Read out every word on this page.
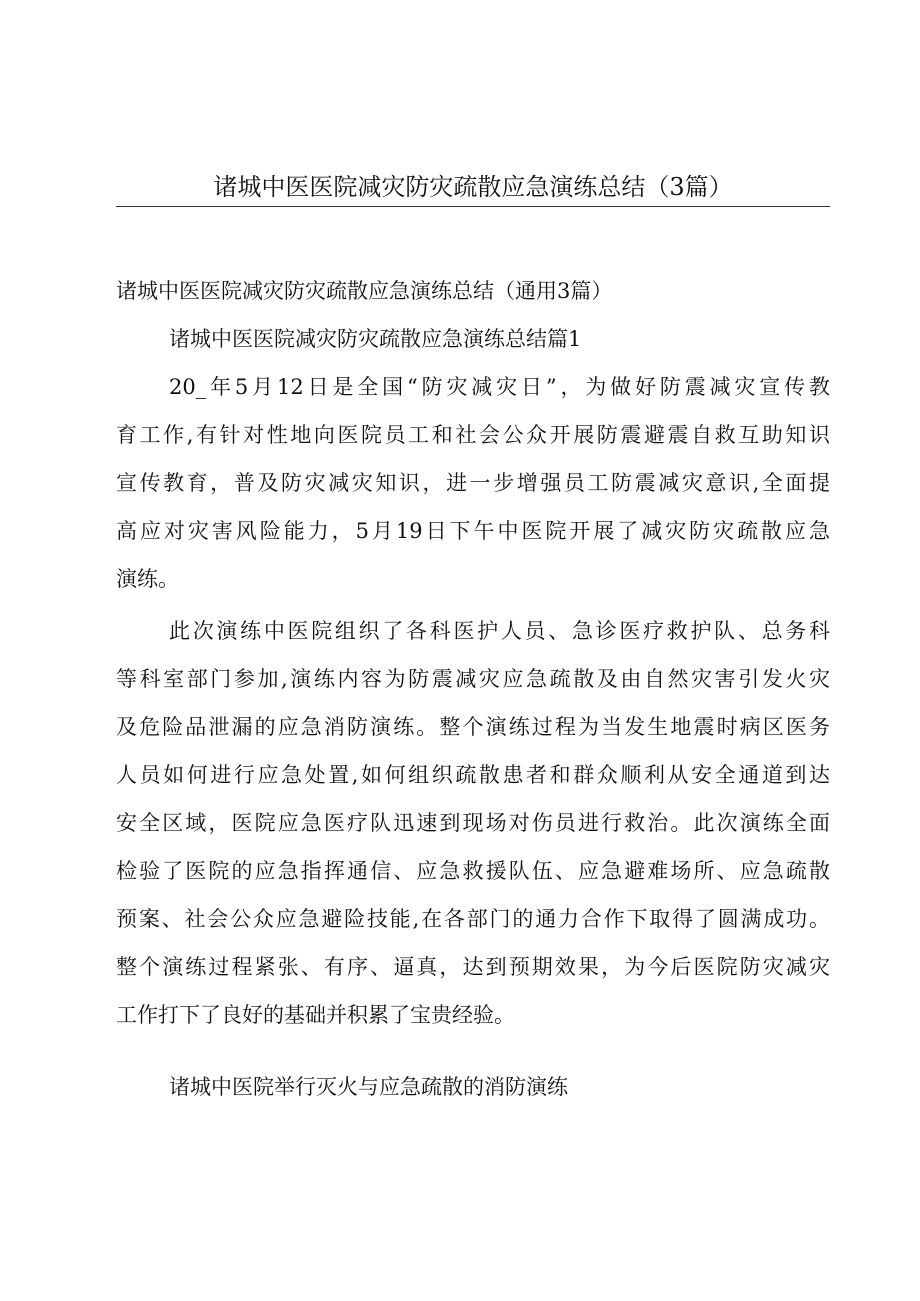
诸城中医医院减灾防灾疏散应急演练总结（3篇）
诸城中医医院减灾防灾疏散应急演练总结（通用3篇）
诸城中医医院减灾防灾疏散应急演练总结篇1
20_年5月12日是全国“防灾减灾日”，为做好防震减灾宣传教
育工作,有针对性地向医院员工和社会公众开展防震避震自救互助知识
宣传教育，普及防灾减灾知识，进一步增强员工防震减灾意识,全面提
高应对灾害风险能力，5月19日下午中医院开展了减灾防灾疏散应急
演练。
此次演练中医院组织了各科医护人员、急诊医疗救护队、总务科
等科室部门参加,演练内容为防震减灾应急疏散及由自然灾害引发火灾
及危险品泄漏的应急消防演练。整个演练过程为当发生地震时病区医务
人员如何进行应急处置,如何组织疏散患者和群众顺利从安全通道到达
安全区域，医院应急医疗队迅速到现场对伤员进行救治。此次演练全面
检验了医院的应急指挥通信、应急救援队伍、应急避难场所、应急疏散
预案、社会公众应急避险技能,在各部门的通力合作下取得了圆满成功。
整个演练过程紧张、有序、逼真，达到预期效果，为今后医院防灾减灾
工作打下了良好的基础并积累了宝贵经验。
诸城中医院举行灭火与应急疏散的消防演练
